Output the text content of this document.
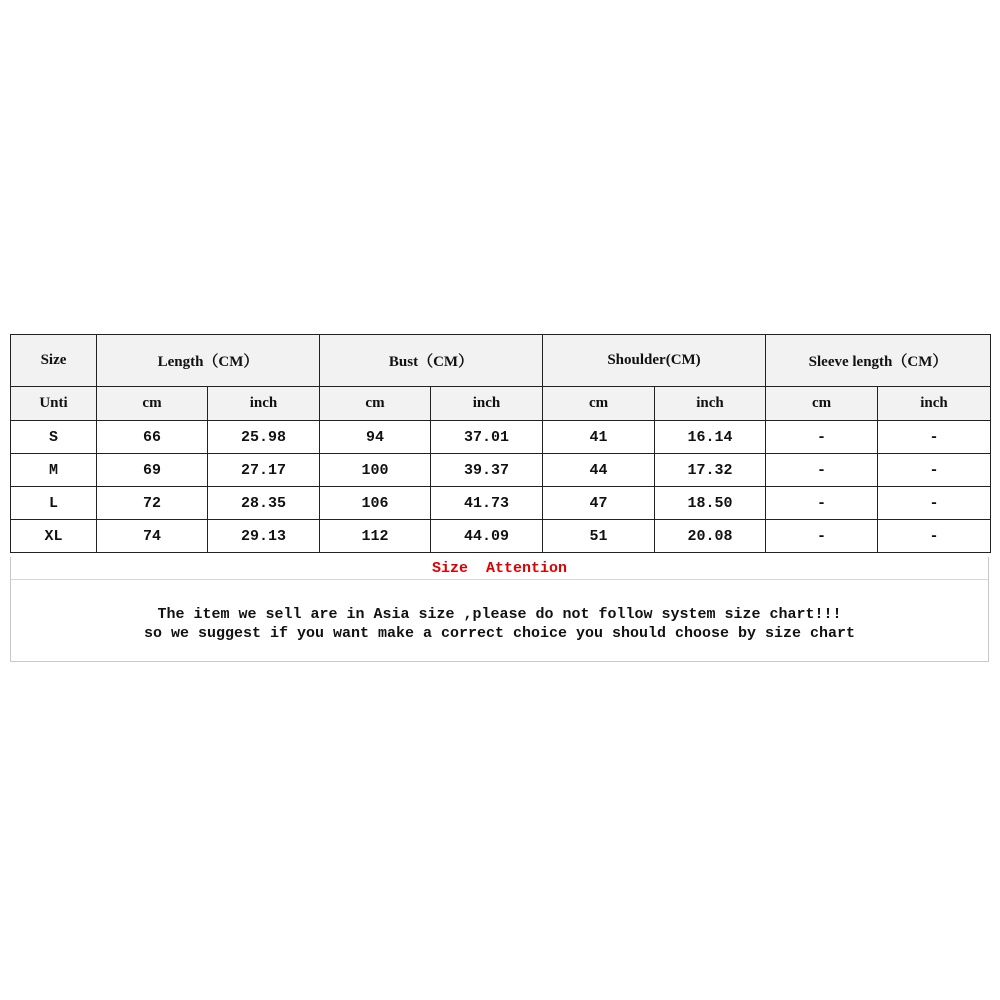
Size	Length（CM）		Bust（CM）		Shoulder(CM)		Sleeve length（CM）	
Unti	cm	inch	cm	inch	cm	inch	cm	inch
S	66	25.98	94	37.01	41	16.14	-	-
M	69	27.17	100	39.37	44	17.32	-	-
L	72	28.35	106	41.73	47	18.50	-	-
XL	74	29.13	112	44.09	51	20.08	-	-
Size  Attention
The item we sell are in Asia size ,please do not follow system size chart!!!
so we suggest if you want make a correct choice you should choose by size chart
